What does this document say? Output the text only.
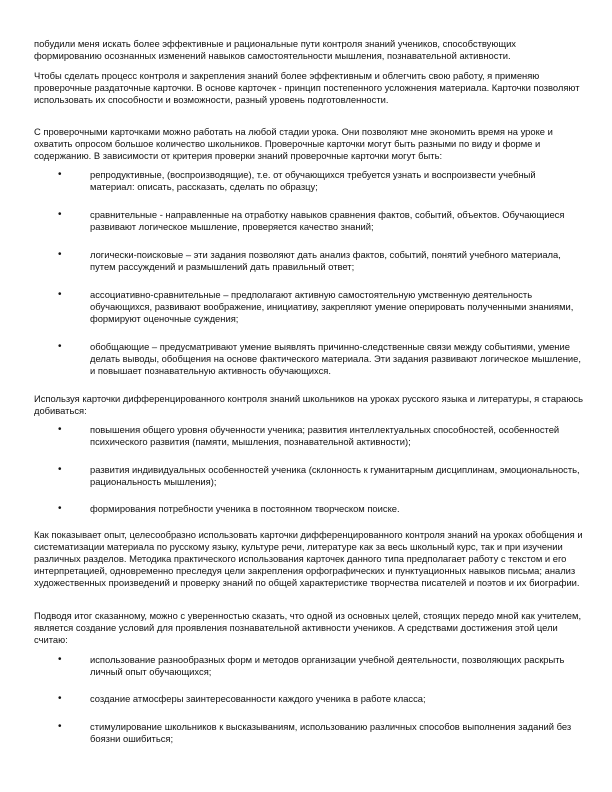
побудили меня искать более эффективные и рациональные пути контроля знаний учеников, способствующих формированию осознанных изменений навыков самостоятельности мышления, познавательной активности.

Чтобы сделать процесс контроля и закрепления знаний более эффективным и облегчить свою работу, я применяю проверочные раздаточные карточки. В основе карточек - принцип постепенного усложнения материала. Карточки позволяют использовать их способности и возможности, разный уровень подготовленности.

С проверочными карточками можно работать на любой стадии урока. Они позволяют мне экономить время на уроке и охватить опросом большое количество школьников. Проверочные карточки могут быть разными по виду и форме и содержанию. В зависимости от критерия проверки знаний проверочные карточки могут быть:

•	репродуктивные, (воспроизводящие), т.е. от обучающихся требуется узнать и воспроизвести учебный материал: описать, рассказать, сделать по образцу;
•	сравнительные - направленные на отработку навыков сравнения фактов, событий, объектов. Обучающиеся развивают логическое мышление, проверяется качество знаний;
•	логически-поисковые – эти задания позволяют дать анализ фактов, событий, понятий учебного материала, путем рассуждений и размышлений дать правильный ответ;
•	ассоциативно-сравнительные – предполагают активную самостоятельную умственную деятельность обучающихся, развивают воображение, инициативу, закрепляют умение оперировать полученными знаниями, формируют оценочные суждения;
•	обобщающие – предусматривают умение выявлять причинно-следственные связи между событиями, умение делать выводы, обобщения на основе фактического материала. Эти задания развивают логическое мышление, и повышает познавательную активность обучающихся.

Используя карточки дифференцированного контроля знаний школьников на уроках русского языка и литературы, я стараюсь добиваться:

•	повышения общего уровня обученности ученика; развития интеллектуальных способностей, особенностей психического развития (памяти, мышления, познавательной активности);
•	развития индивидуальных особенностей ученика (склонность к гуманитарным дисциплинам, эмоциональность, рациональность мышления);
•	формирования потребности ученика в постоянном творческом поиске.

Как показывает опыт, целесообразно использовать карточки дифференцированного контроля знаний на уроках обобщения и систематизации материала по русскому языку, культуре речи, литературе как за весь школьный курс, так и при изучении различных разделов. Методика практического использования карточек данного типа предполагает работу с текстом и его интерпретацией, одновременно преследуя цели закрепления орфографических и пунктуационных навыков письма; анализ художественных произведений и проверку знаний по общей характеристике творчества писателей и поэтов и их биографии.

Подводя итог сказанному, можно с уверенностью сказать, что одной из основных целей, стоящих передо мной как учителем, является создание условий для проявления познавательной активности учеников. А средствами достижения этой цели считаю:

•	использование разнообразных форм и методов организации учебной деятельности, позволяющих раскрыть личный опыт обучающихся;
•	создание атмосферы заинтересованности каждого ученика в работе класса;
•	стимулирование школьников к высказываниям, использованию различных способов выполнения заданий без боязни ошибиться;
